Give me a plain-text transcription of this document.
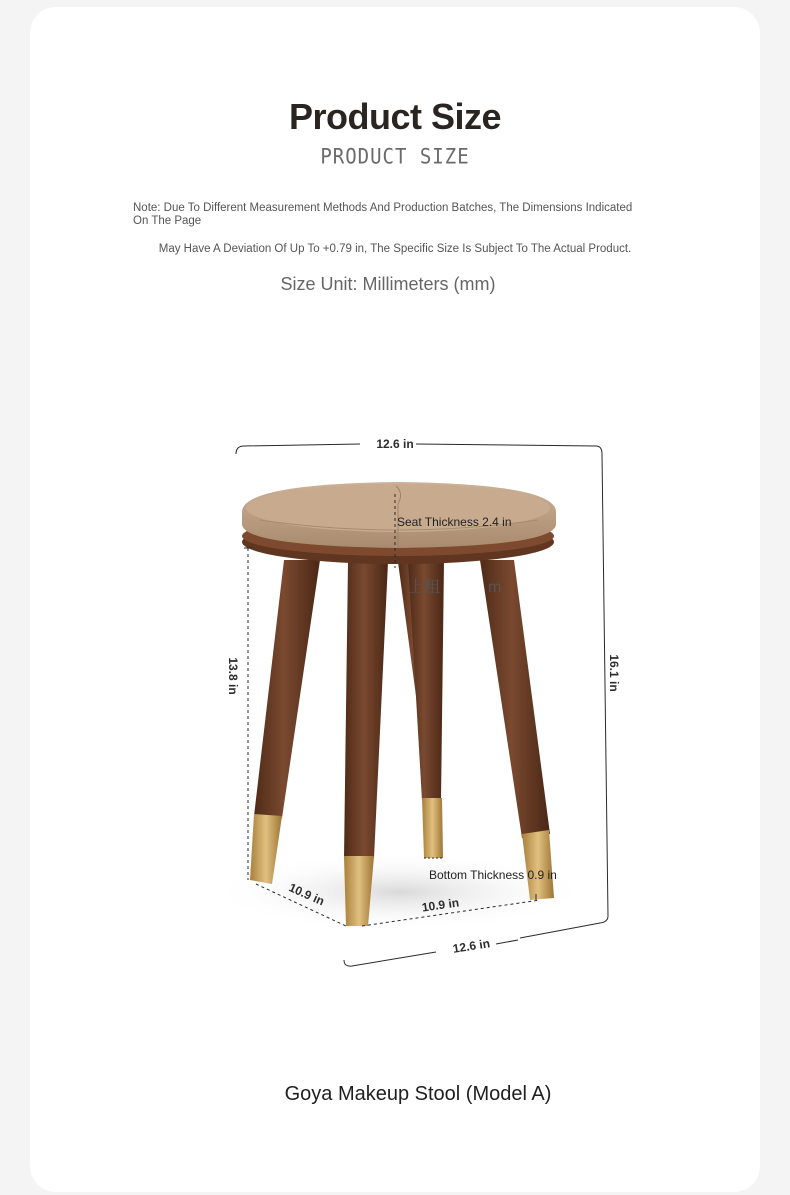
Product Size
PRODUCT SIZE
Note: Due To Different Measurement Methods And Production Batches, The Dimensions Indicated On The Page
May Have A Deviation Of Up To +0.79 in, The Specific Size Is Subject To The Actual Product.
Size Unit: Millimeters (mm)
12.6 in
Seat Thickness 2.4 in
13.8 in	16.1 in
Bottom Thickness 0.9 in
10.9 in	10.9 in
12.6 in
上粗	m
Goya Makeup Stool (Model A)
